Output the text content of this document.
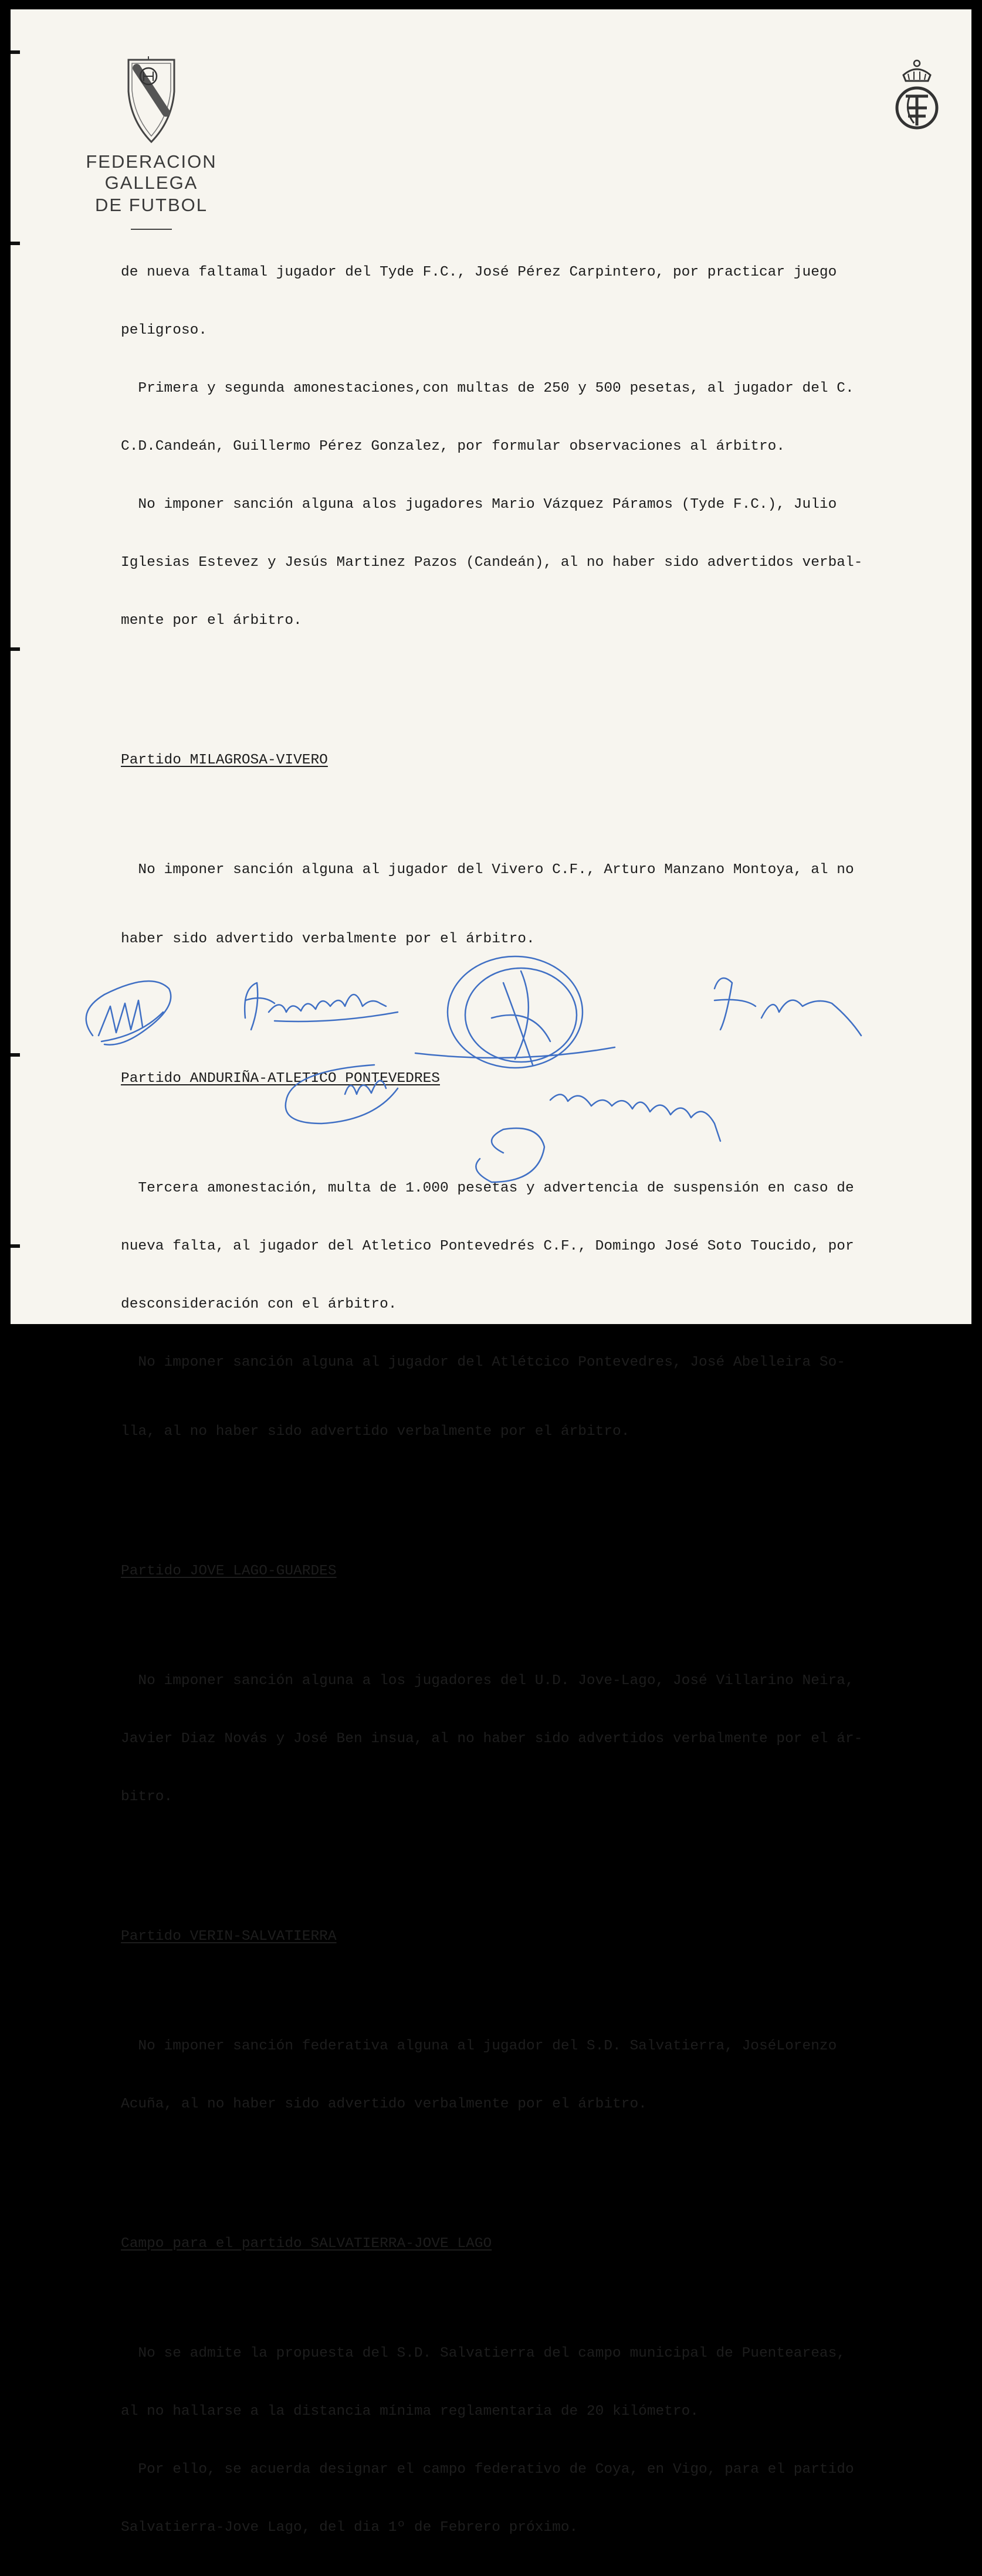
FEDERACION GALLEGA
DE FUTBOL

de nueva faltamal jugador del Tyde F.C., José Pérez Carpintero, por practicar juego

peligroso.

Primera y segunda amonestaciones,con multas de 250 y 500 pesetas, al jugador del C.

C.D.Candeán, Guillermo Pérez Gonzalez, por formular observaciones al árbitro.

No imponer sanción alguna alos jugadores Mario Vázquez Páramos (Tyde F.C.), Julio

Iglesias Estevez y Jesús Martinez Pazos (Candeán), al no haber sido advertidos verbal-

mente por el árbitro.

Partido MILAGROSA-VIVERO

No imponer sanción alguna al jugador del Vivero C.F., Arturo Manzano Montoya, al no

haber sido advertido verbalmente por el árbitro.

Partido ANDURIÑA-ATLETICO PONTEVEDRES

Tercera amonestación, multa de 1.000 pesetas y advertencia de suspensión en caso de

nueva falta, al jugador del Atletico Pontevedrés C.F., Domingo José Soto Toucido, por

desconsideración con el árbitro.

No imponer sanción alguna al jugador del Atlétcico Pontevedres, José Abelleira So-

lla, al no haber sido advertido verbalmente por el árbitro.

Partido JOVE LAGO-GUARDES

No imponer sanción alguna a los jugadores del U.D. Jove-Lago, José Villarino Neira,

Javier Diaz Novás y José Ben insua, al no haber sido advertidos verbalmente por el ár-

bitro.

Partido VERIN-SALVATIERRA

No imponer sanción federativa alguna al jugador del S.D. Salvatierra, JoséLorenzo

Acuña, al no haber sido advertido verbalmente por el árbitro.

Campo para el partido SALVATIERRA-JOVE LAGO

No se admite la propuesta del S.D. Salvatierra del campo municipal de Puenteareas,

al no hallarse a la distancia mínima reglamentaria de 20 kilómetro.

Por ello, se acuerda designar el campo federativo de Coya, en Vigo, para el partido

Salvatierra-Jove Lago, del dia 1º de Febrero próximo.
